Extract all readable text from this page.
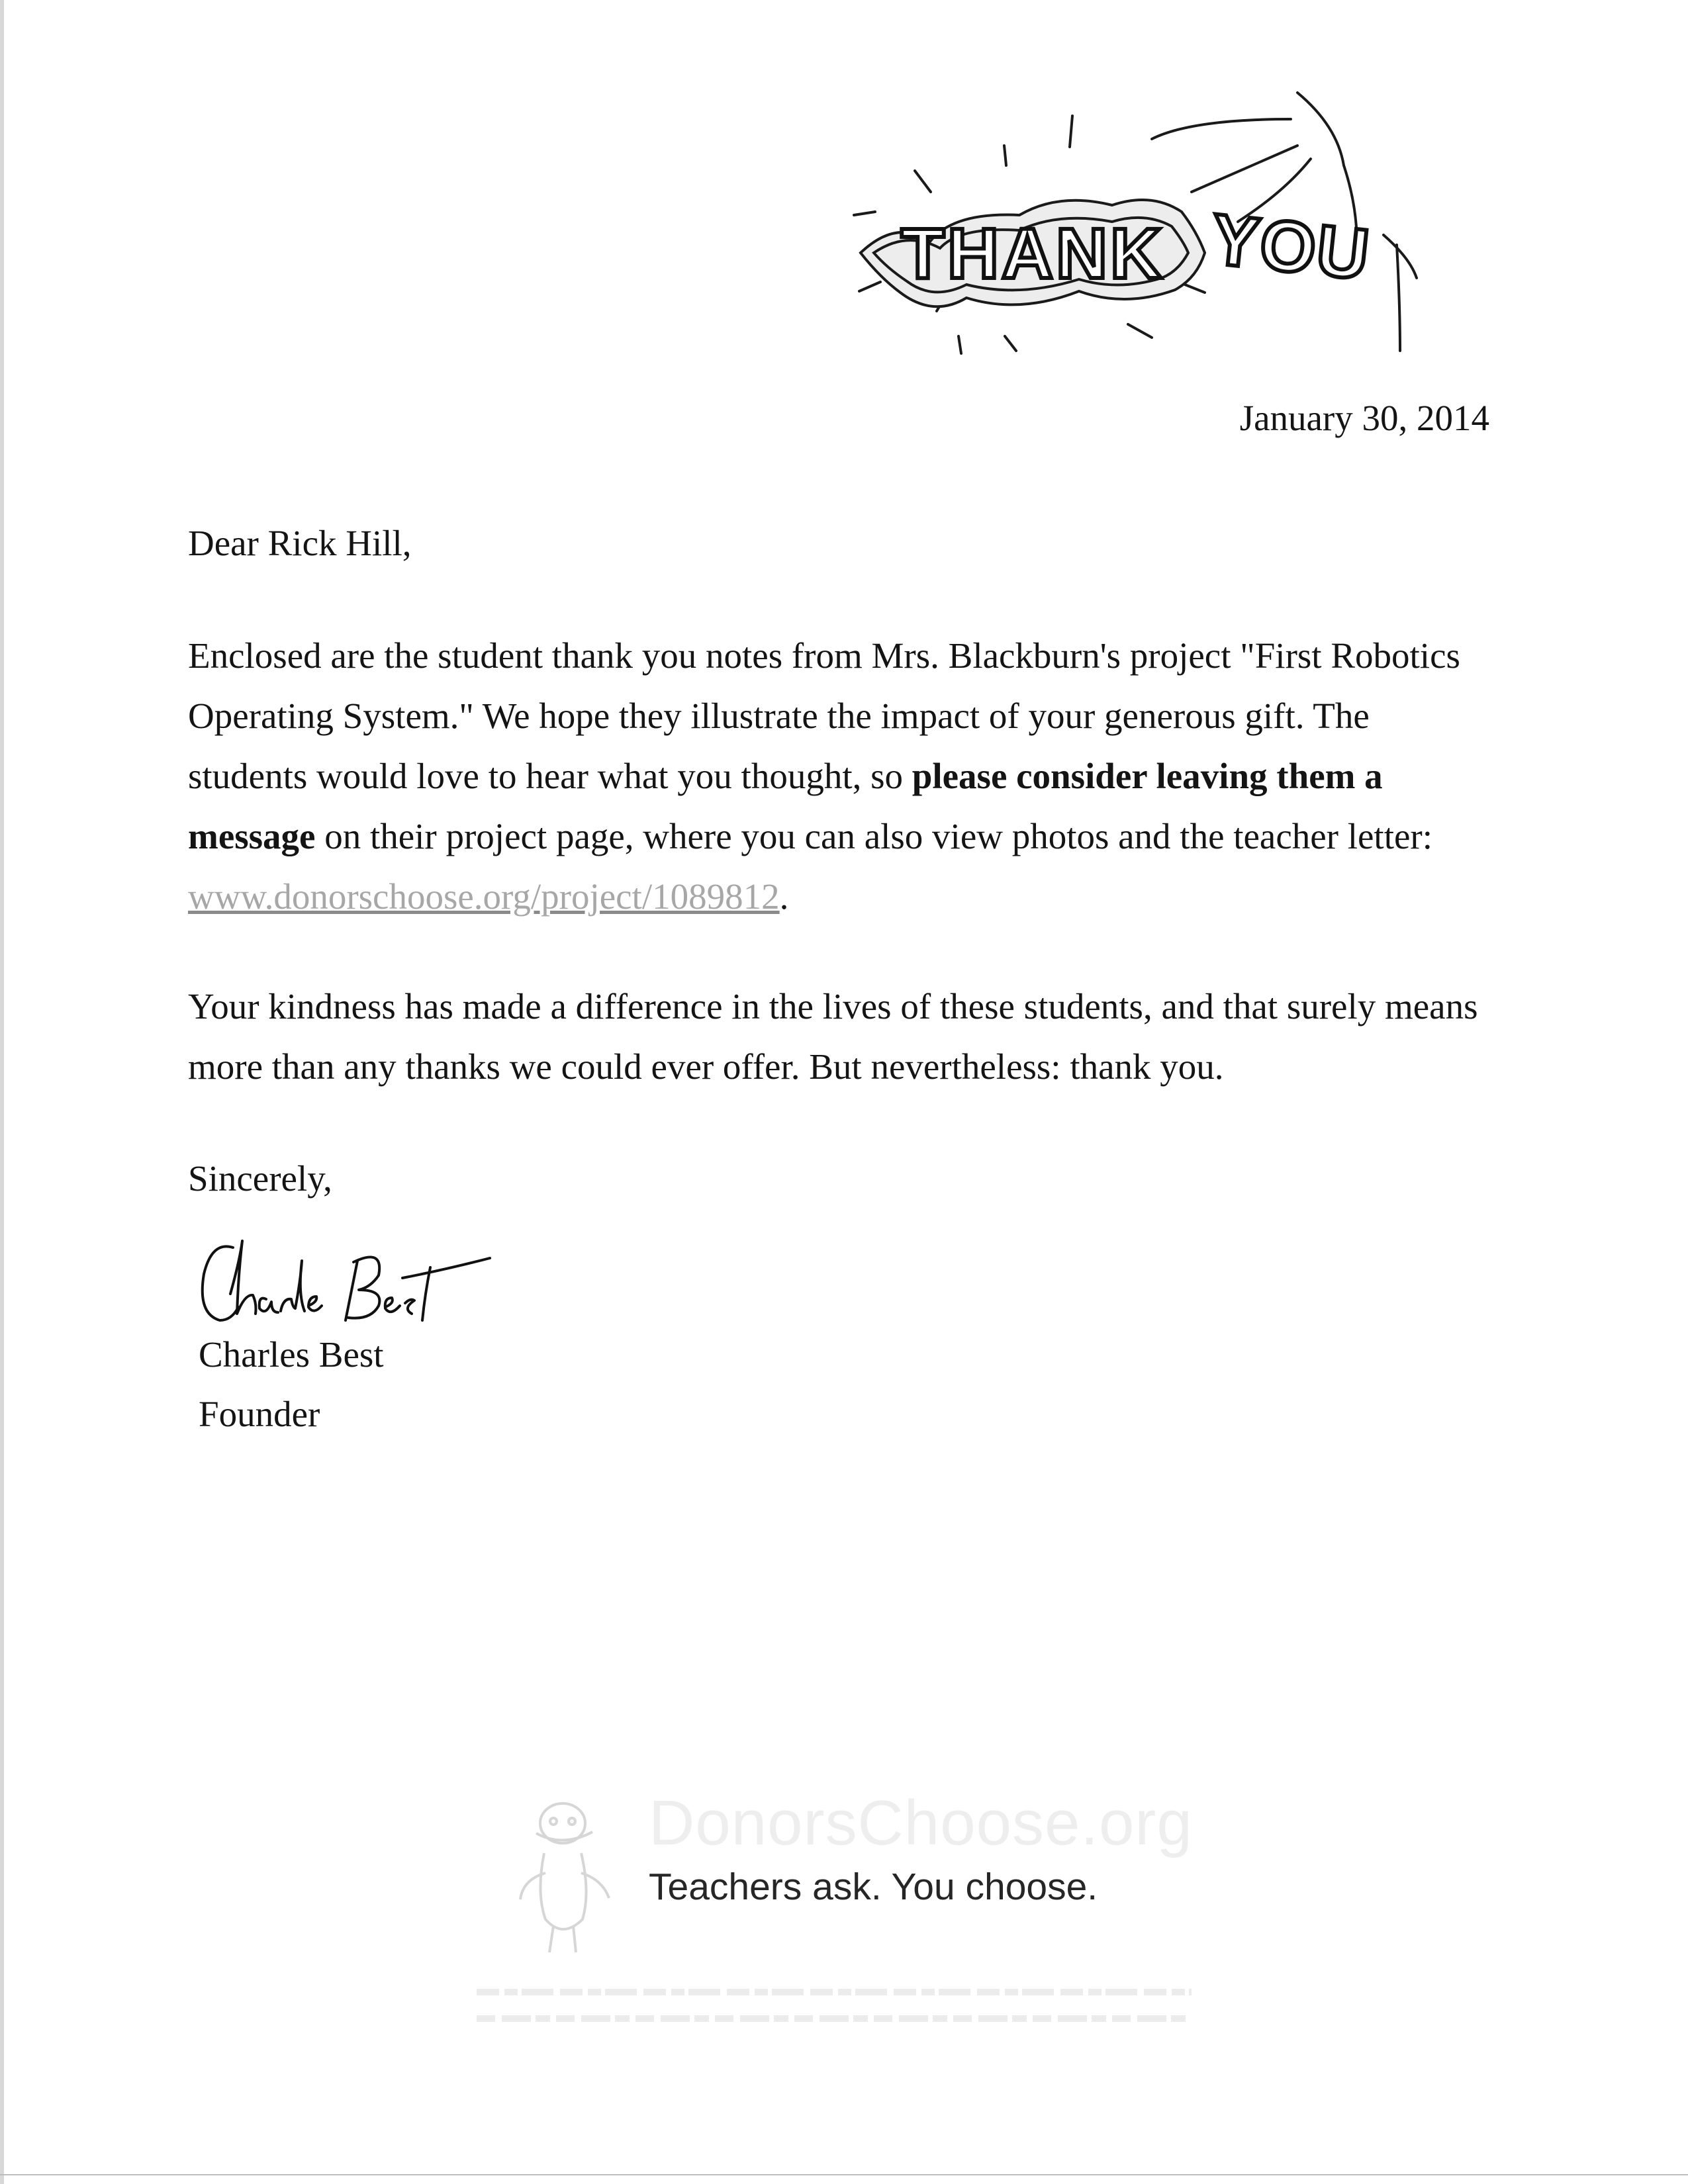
THANK YOU
January 30, 2014
Dear Rick Hill,
Enclosed are the student thank you notes from Mrs. Blackburn's project "First Robotics Operating System." We hope they illustrate the impact of your generous gift. The students would love to hear what you thought, so please consider leaving them a message on their project page, where you can also view photos and the teacher letter: www.donorschoose.org/project/1089812.
Your kindness has made a difference in the lives of these students, and that surely means more than any thanks we could ever offer. But nevertheless: thank you.
Sincerely,
Charles Best
Founder
DonorsChoose.org
Teachers ask. You choose.
